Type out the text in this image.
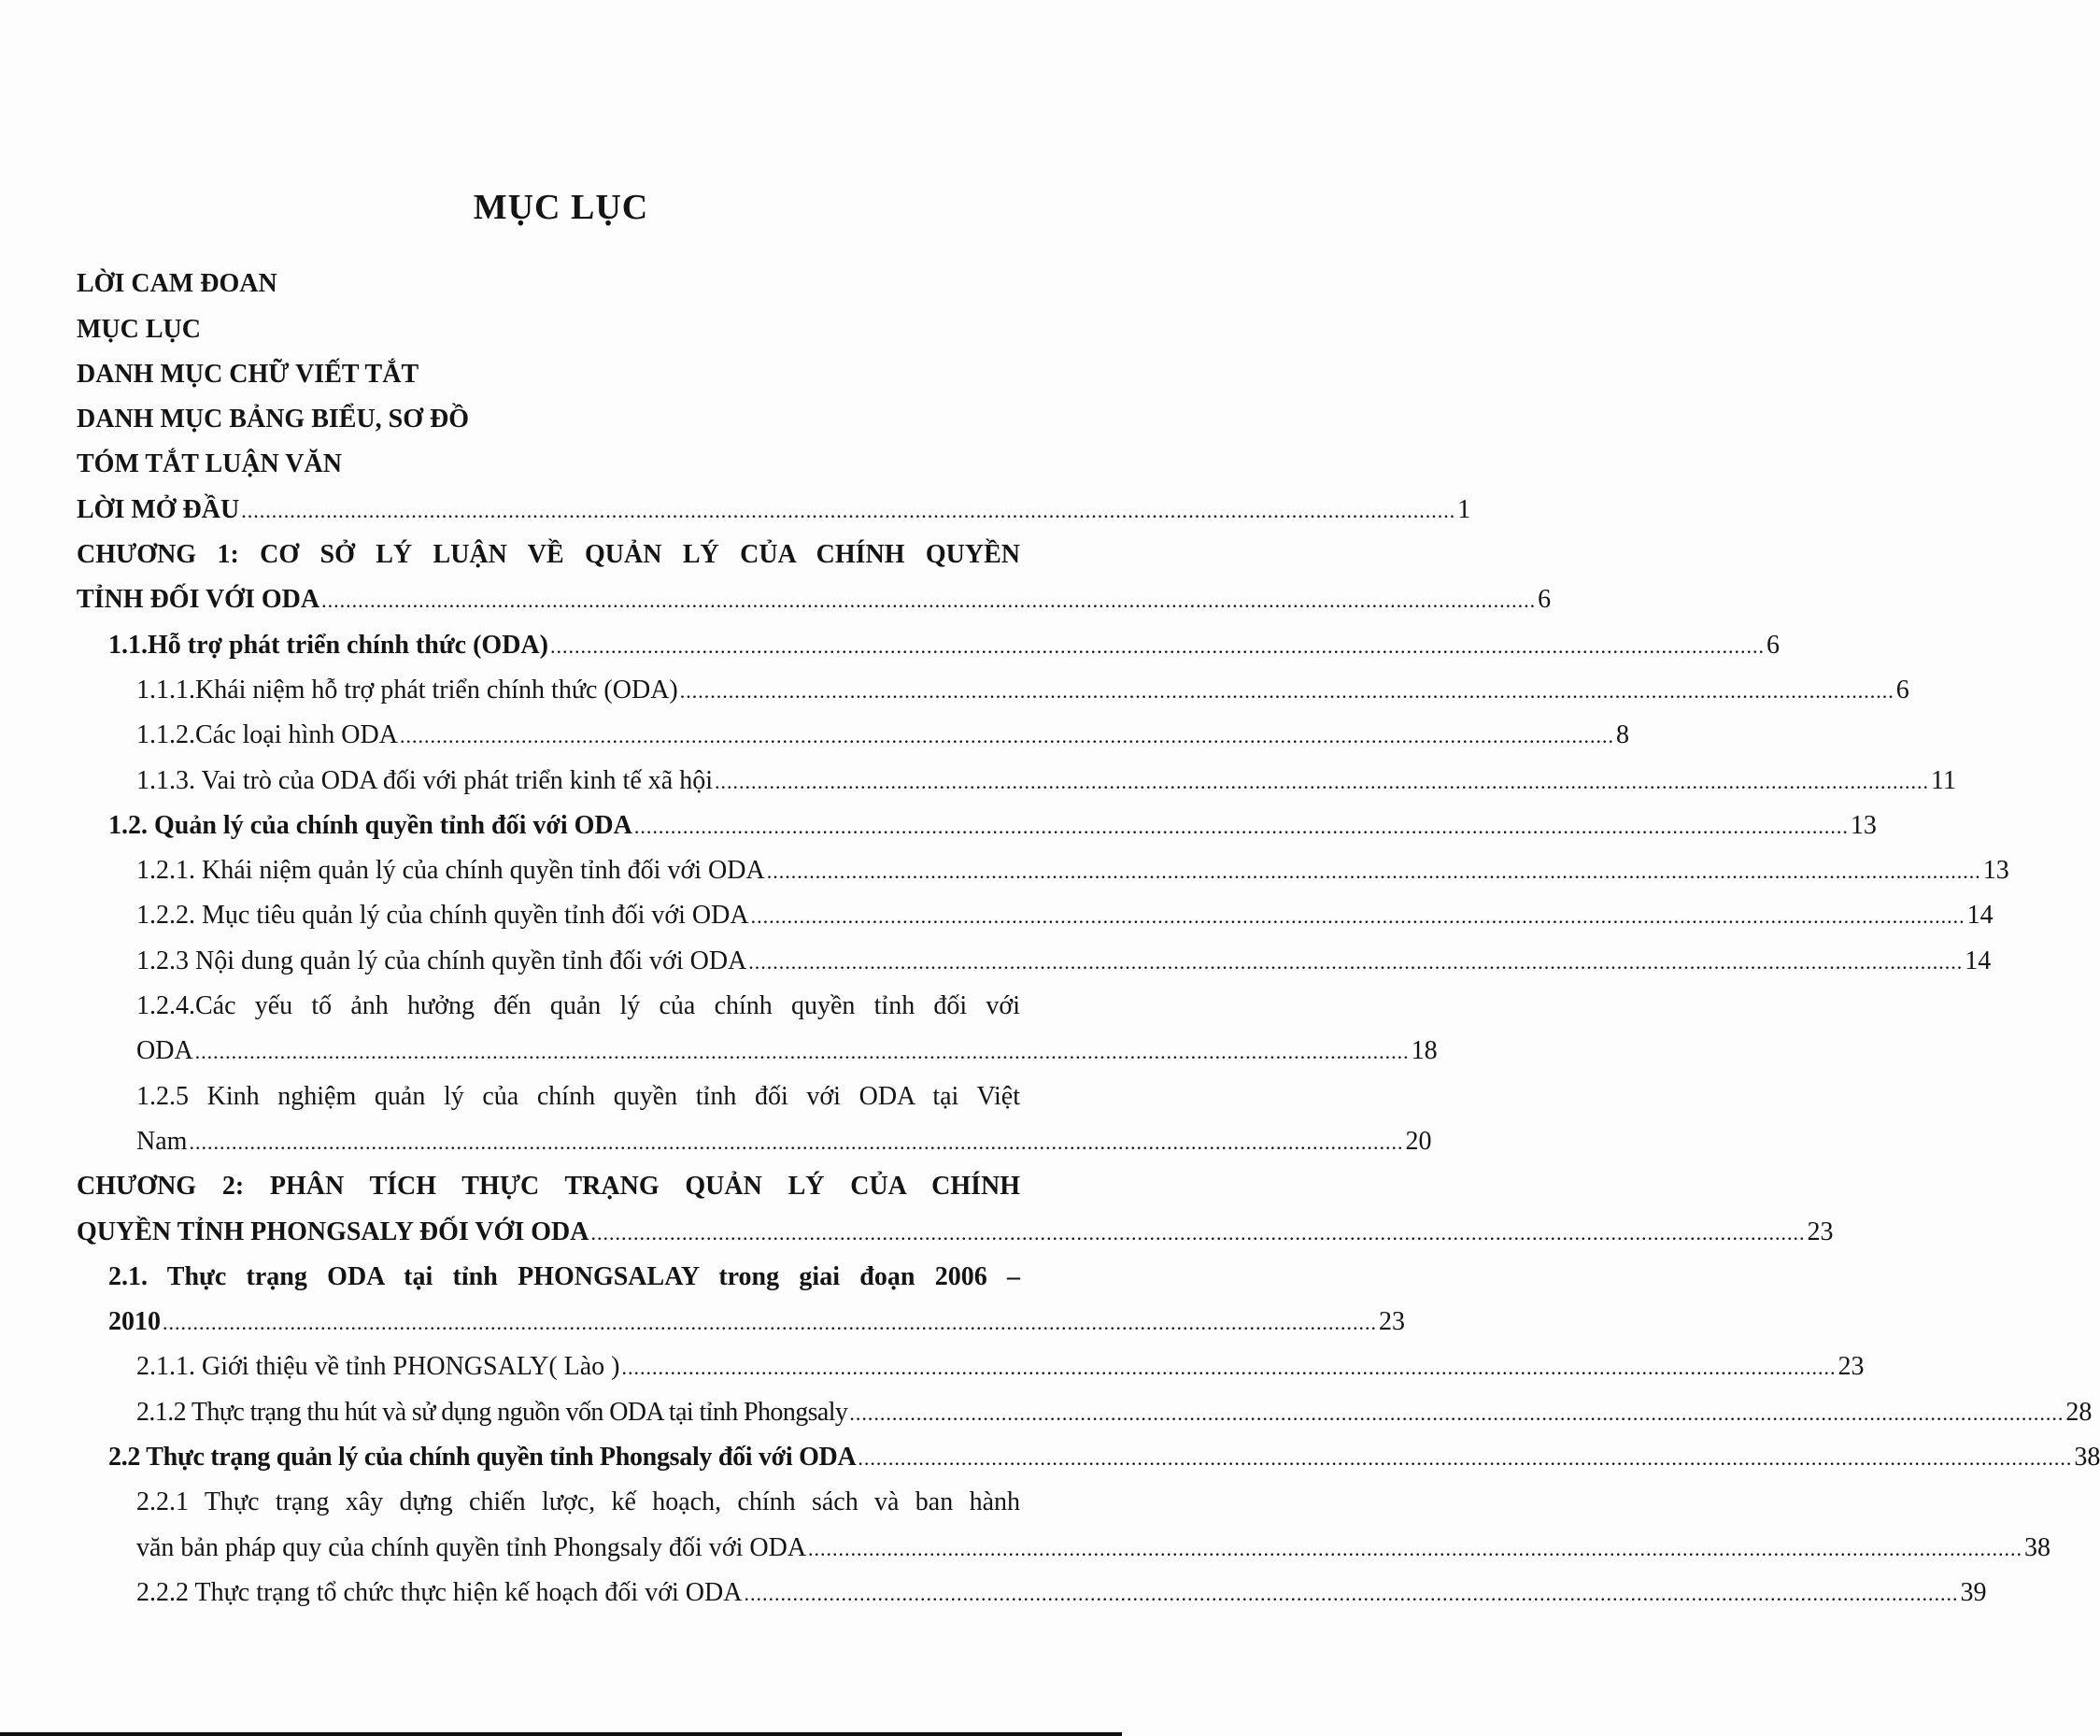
MỤC LỤC
LỜI CAM ĐOAN
MỤC LỤC
DANH MỤC CHỮ VIẾT TẮT
DANH MỤC BẢNG BIỂU, SƠ ĐỒ
TÓM TẮT LUẬN VĂN
LỜI MỞ ĐẦU ........................................................................................................................................................................................................ 1
CHƯƠNG 1: CƠ SỞ LÝ LUẬN VỀ QUẢN LÝ CỦA CHÍNH QUYỀN
TỈNH ĐỐI VỚI ODA ........................................................................................................................................................................................................ 6
1.1.Hỗ trợ phát triển chính thức (ODA) ........................................................................................................................................................................................................ 6
1.1.1.Khái niệm hỗ trợ phát triển chính thức (ODA) ........................................................................................................................................................................................................ 6
1.1.2.Các loại hình ODA ........................................................................................................................................................................................................ 8
1.1.3. Vai trò của ODA đối với phát triển kinh tế xã hội ........................................................................................................................................................................................................ 11
1.2. Quản lý của chính quyền tỉnh đối với ODA ........................................................................................................................................................................................................ 13
1.2.1. Khái niệm quản lý của chính quyền tỉnh đối với ODA ........................................................................................................................................................................................................ 13
1.2.2. Mục tiêu quản lý của chính quyền tỉnh đối với ODA ........................................................................................................................................................................................................ 14
1.2.3 Nội dung quản lý của chính quyền tỉnh đối với ODA ........................................................................................................................................................................................................ 14
1.2.4.Các yếu tố ảnh hưởng đến quản lý của chính quyền tỉnh đối với
ODA ........................................................................................................................................................................................................ 18
1.2.5 Kinh nghiệm quản lý của chính quyền tỉnh đối với ODA tại Việt
Nam ........................................................................................................................................................................................................ 20
CHƯƠNG 2: PHÂN TÍCH THỰC TRẠNG QUẢN LÝ CỦA CHÍNH
QUYỀN TỈNH PHONGSALY ĐỐI VỚI ODA ........................................................................................................................................................................................................ 23
2.1. Thực trạng ODA tại tỉnh PHONGSALAY trong giai đoạn 2006 –
2010 ........................................................................................................................................................................................................ 23
2.1.1. Giới thiệu về tỉnh PHONGSALY( Lào ) ........................................................................................................................................................................................................ 23
2.1.2 Thực trạng thu hút và sử dụng nguồn vốn ODA tại tỉnh Phongsaly ........................................................................................................................................................................................................ 28
2.2 Thực trạng quản lý của chính quyền tỉnh Phongsaly đối với ODA ........................................................................................................................................................................................................ 38
2.2.1 Thực trạng xây dựng chiến lược, kế hoạch, chính sách và ban hành
văn bản pháp quy của chính quyền tỉnh Phongsaly đối với ODA ........................................................................................................................................................................................................ 38
2.2.2 Thực trạng tổ chức thực hiện kế hoạch đối với ODA ........................................................................................................................................................................................................ 39
